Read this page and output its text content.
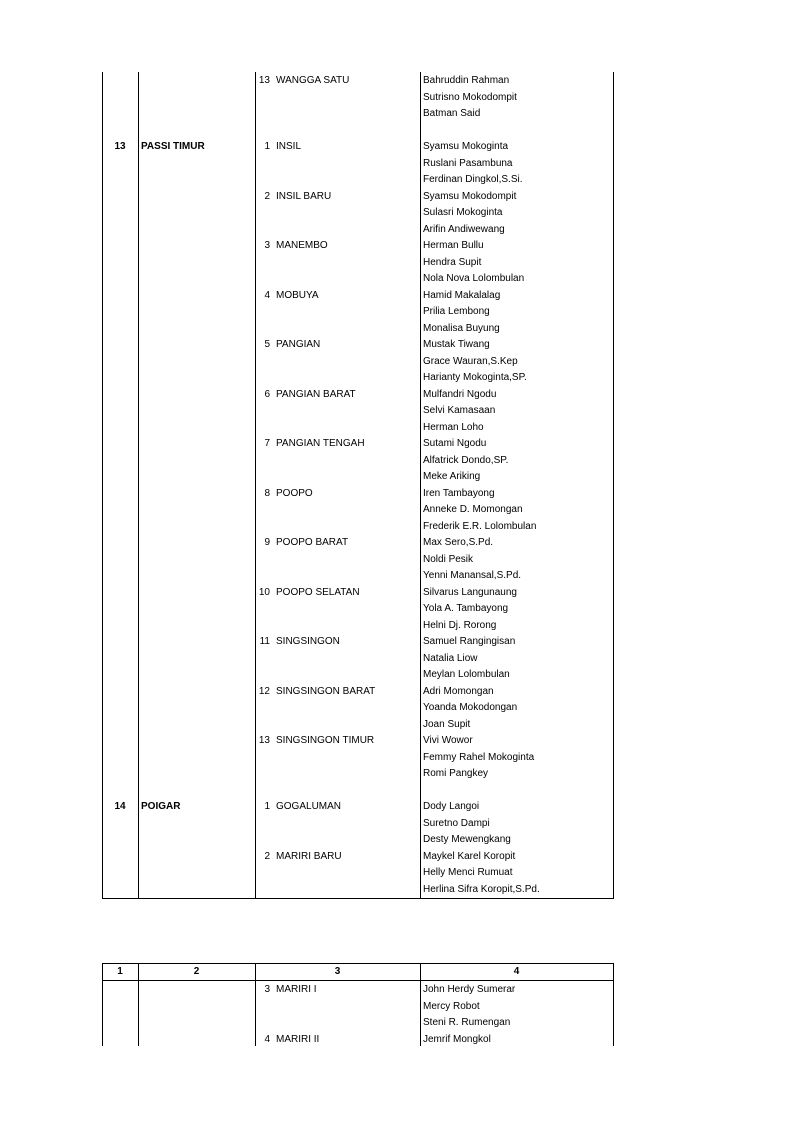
13 WANGGA SATU	Bahruddin Rahman
Sutrisno Mokodompit
Batman Said
13	PASSI TIMUR	1 INSIL	Syamsu Mokoginta
Ruslani Pasambuna
Ferdinan Dingkol,S.Si.
2 INSIL BARU	Syamsu Mokodompit
Sulasri Mokoginta
Arifin Andiwewang
3 MANEMBO	Herman Bullu
Hendra Supit
Nola Nova Lolombulan
4 MOBUYA	Hamid Makalalag
Prilia Lembong
Monalisa Buyung
5 PANGIAN	Mustak Tiwang
Grace Wauran,S.Kep
Harianty Mokoginta,SP.
6 PANGIAN BARAT	Mulfandri Ngodu
Selvi Kamasaan
Herman Loho
7 PANGIAN TENGAH	Sutami Ngodu
Alfatrick Dondo,SP.
Meke Ariking
8 POOPO	Iren Tambayong
Anneke D. Momongan
Frederik E.R. Lolombulan
9 POOPO BARAT	Max Sero,S.Pd.
Noldi Pesik
Yenni Manansal,S.Pd.
10 POOPO SELATAN	Silvarus Langunaung
Yola A. Tambayong
Helni Dj. Rorong
11 SINGSINGON	Samuel Rangingisan
Natalia Liow
Meylan Lolombulan
12 SINGSINGON BARAT	Adri Momongan
Yoanda Mokodongan
Joan Supit
13 SINGSINGON TIMUR	Vivi Wowor
Femmy Rahel Mokoginta
Romi Pangkey
14	POIGAR	1 GOGALUMAN	Dody Langoi
Suretno Dampi
Desty Mewengkang
2 MARIRI BARU	Maykel Karel Koropit
Helly Menci Rumuat
Herlina Sifra Koropit,S.Pd.
1	2	3	4
3 MARIRI I	John Herdy Sumerar
Mercy Robot
Steni R. Rumengan
4 MARIRI II	Jemrif Mongkol
